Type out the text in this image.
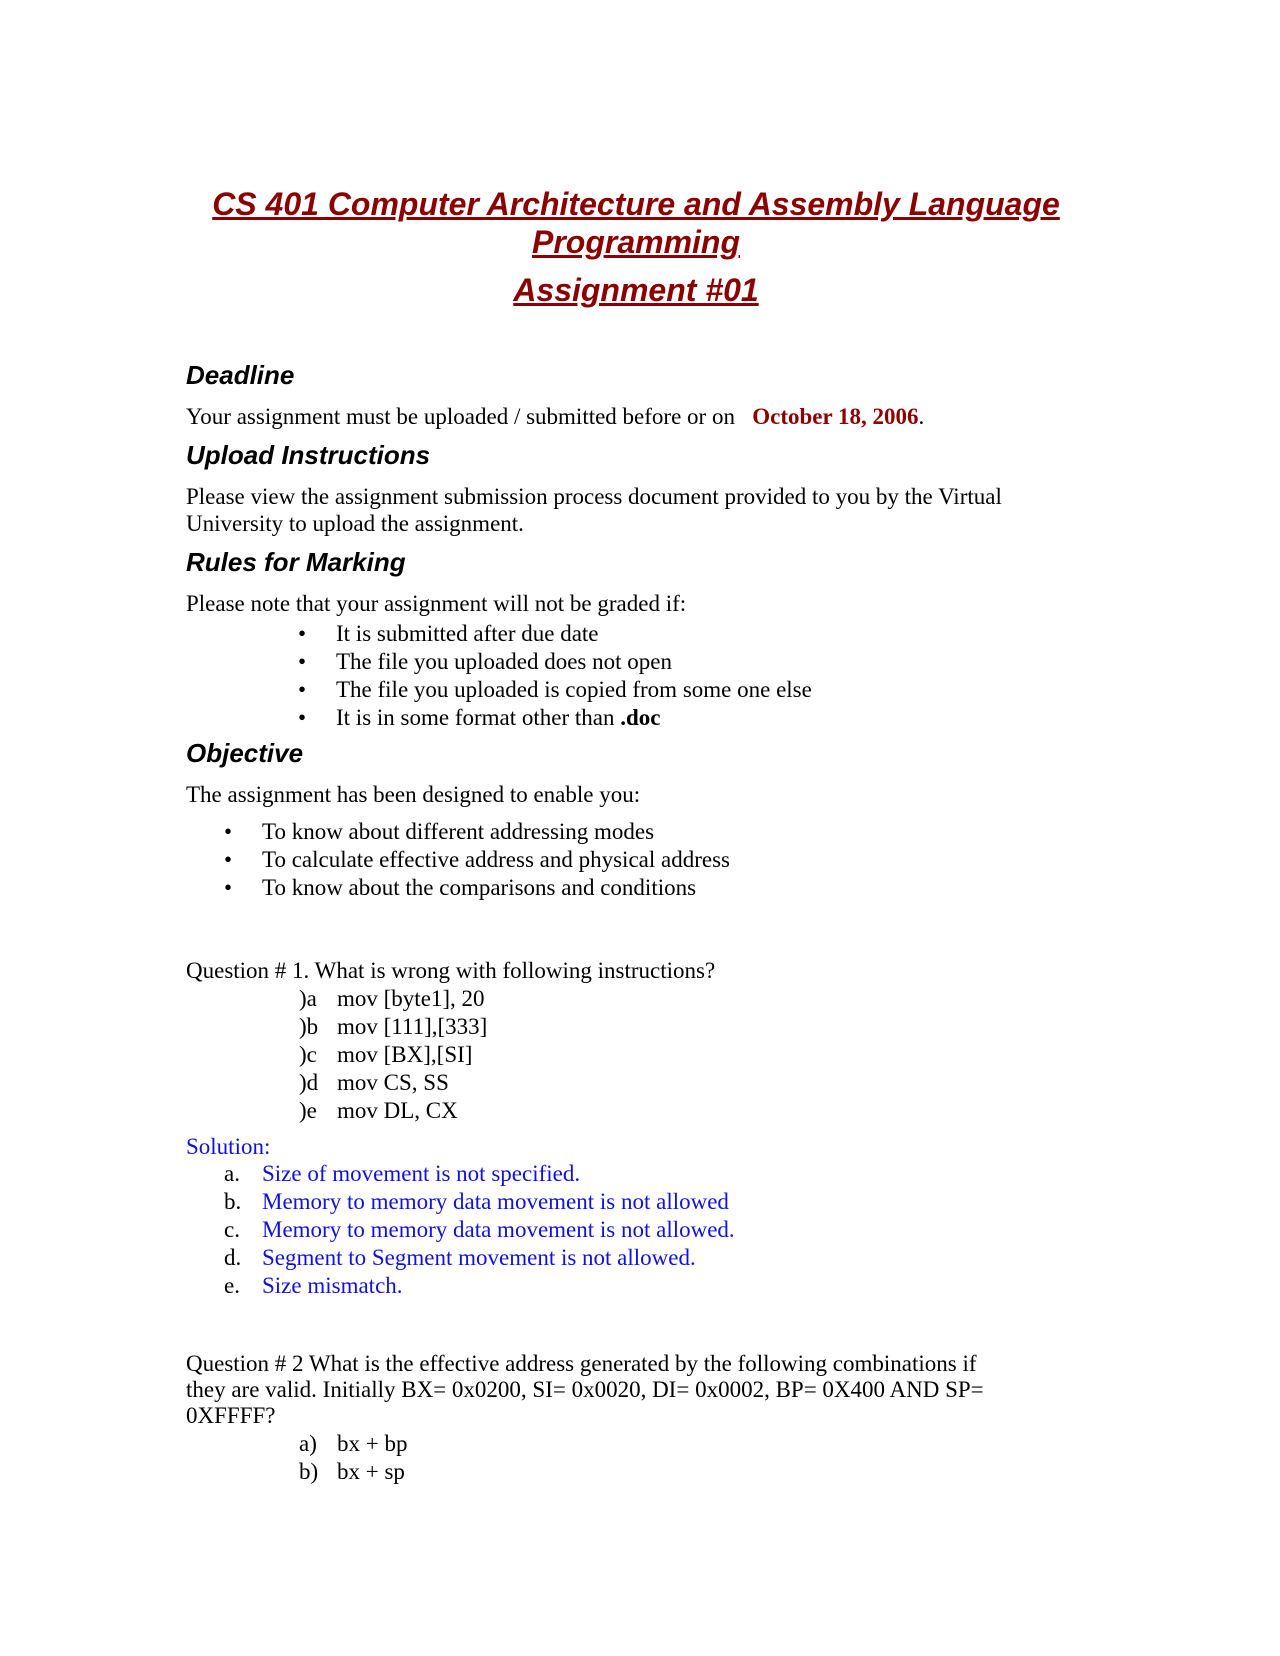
CS 401 Computer Architecture and Assembly Language
Programming
Assignment #01
Deadline

Your assignment must be uploaded / submitted before or on October 18, 2006.

Upload Instructions

Please view the assignment submission process document provided to you by the Virtual

University to upload the assignment.

Rules for Marking

Please note that your assignment will not be graded if:

• It is submitted after due date
• The file you uploaded does not open
• The file you uploaded is copied from some one else
• It is in some format other than .doc
Objective

The assignment has been designed to enable you:

• To know about different addressing modes
• To calculate effective address and physical address
• To know about the comparisons and conditions

Question # 1. What is wrong with following instructions?

)a mov [byte1], 20
)b mov [111],[333]
)c mov [BX],[SI]
)d mov CS, SS
)e mov DL, CX

Solution:

a. Size of movement is not specified.
b. Memory to memory data movement is not allowed
c. Memory to memory data movement is not allowed.
d. Segment to Segment movement is not allowed.
e. Size mismatch.

Question # 2 What is the effective address generated by the following combinations if

they are valid. Initially BX= 0x0200, SI= 0x0020, DI= 0x0002, BP= 0X400 AND SP=

0XFFFF?

a) bx + bp
b) bx + sp
